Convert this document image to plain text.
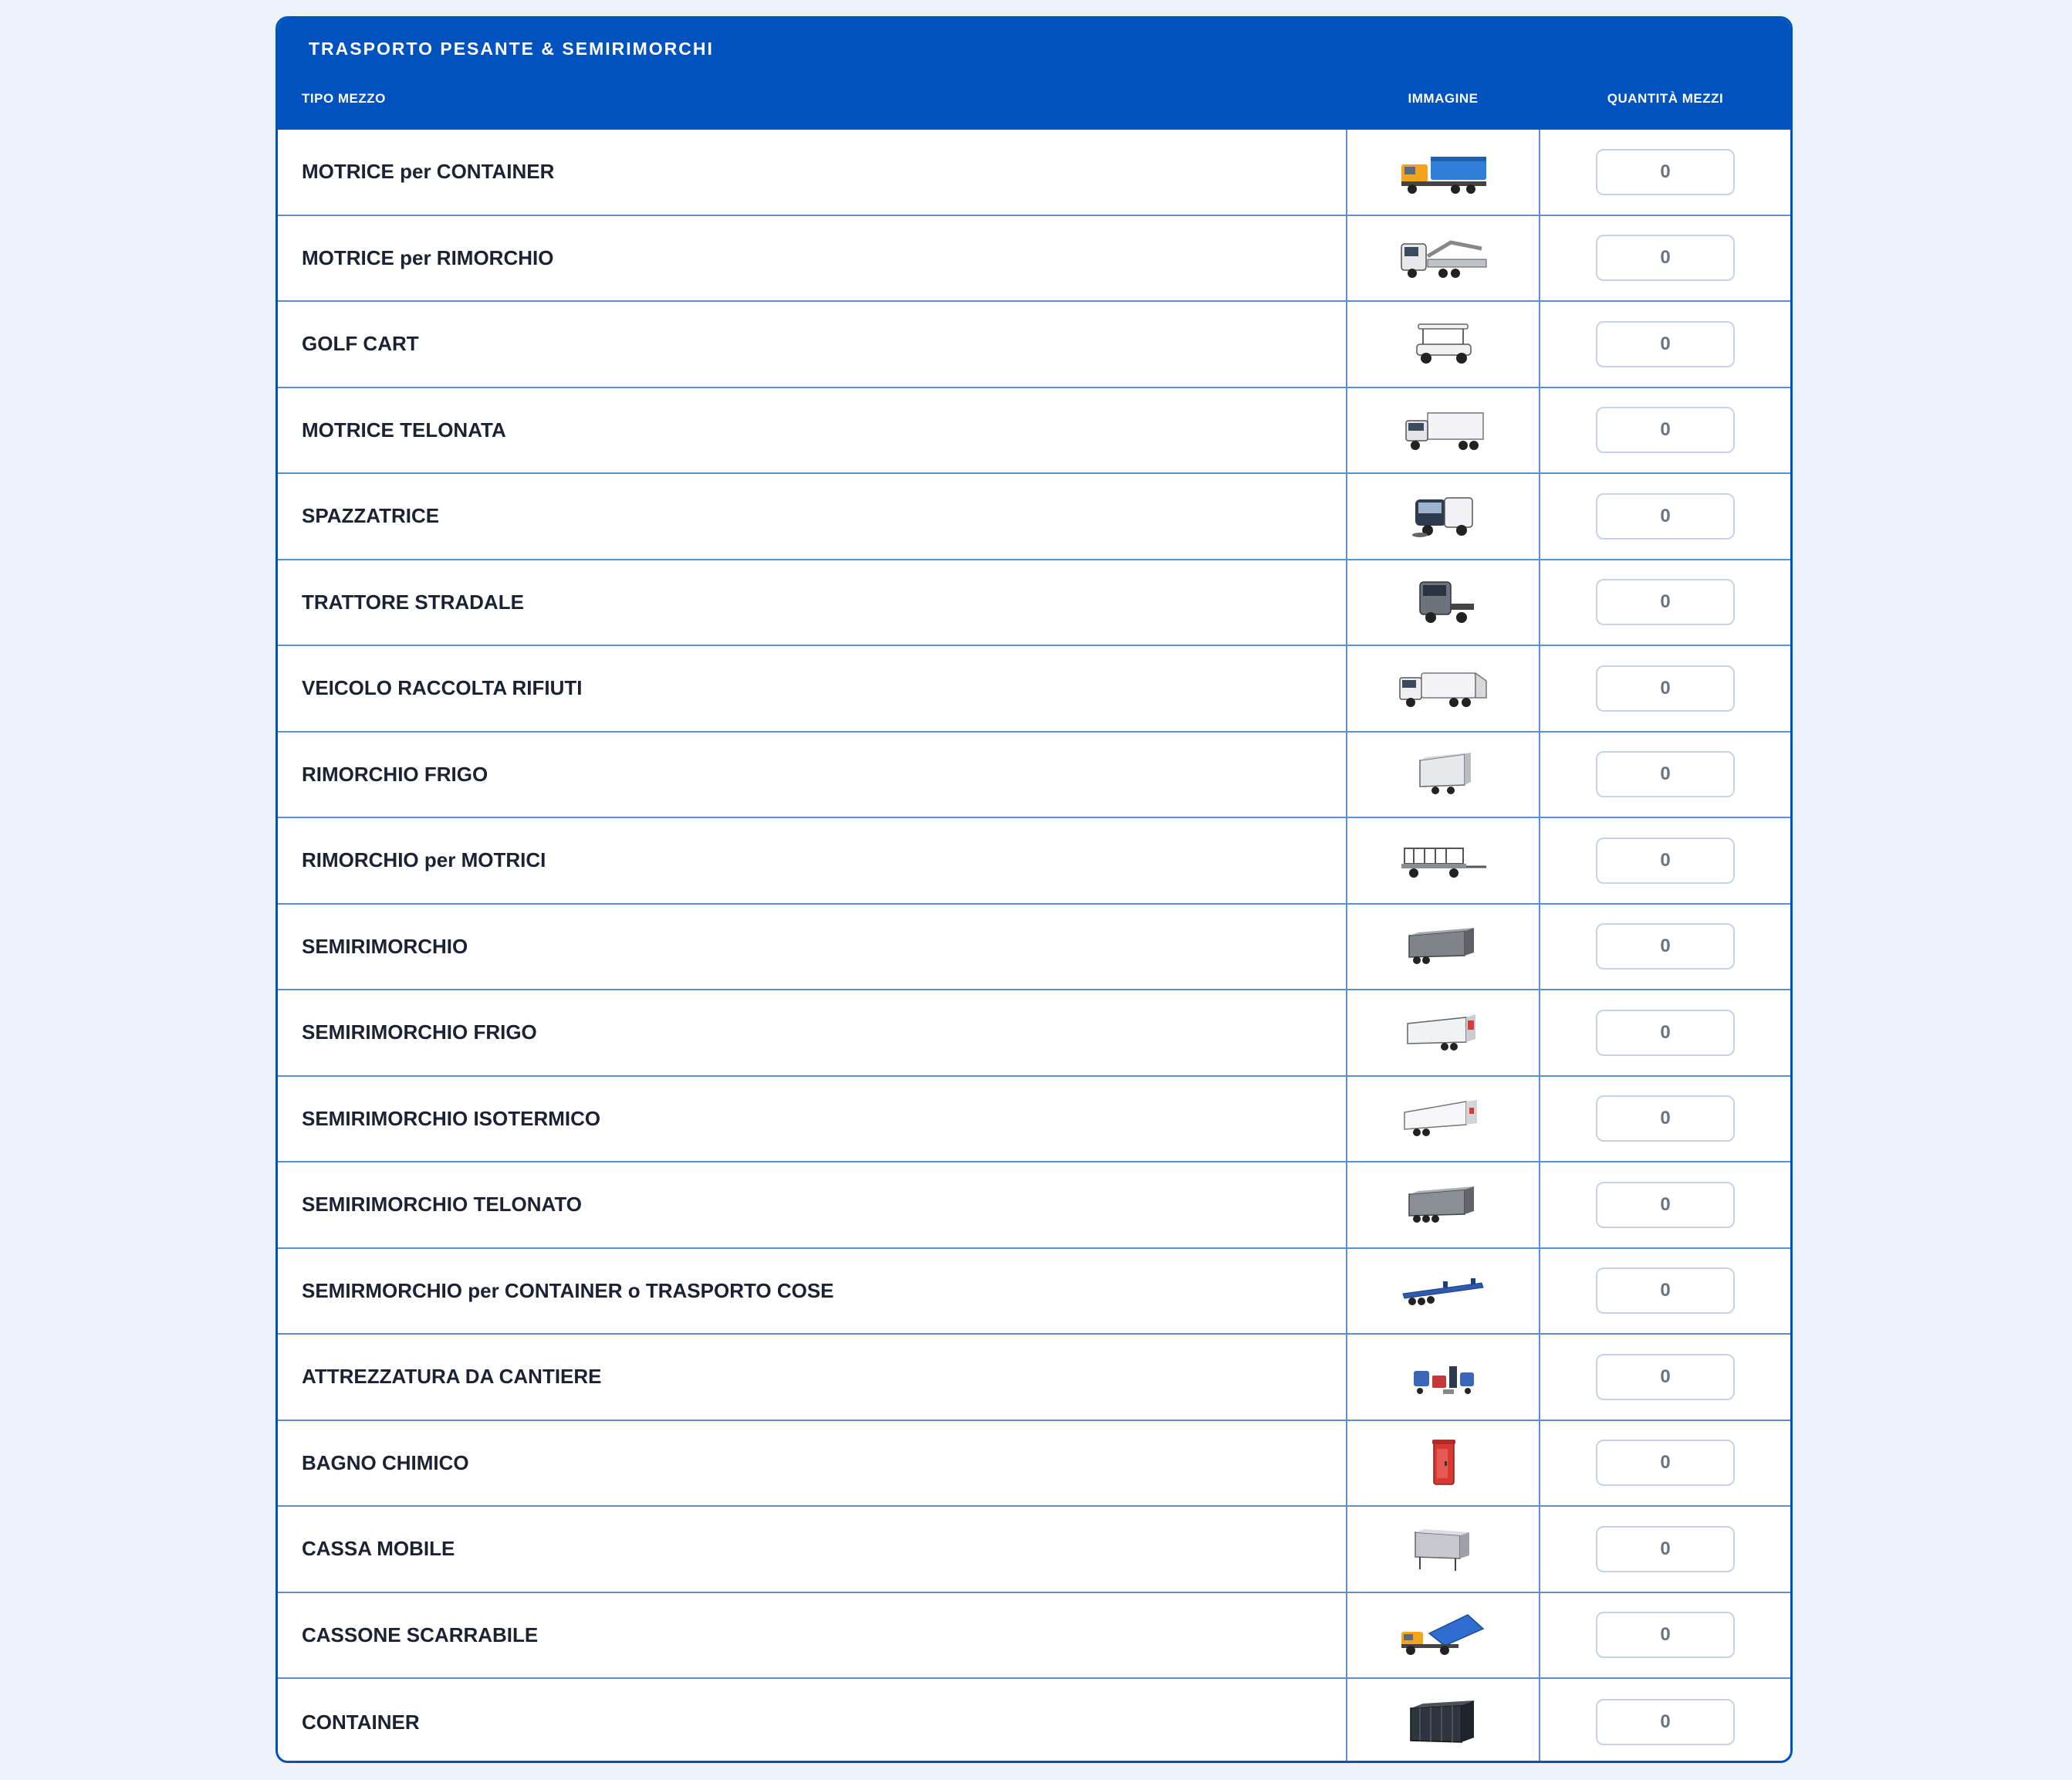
TRASPORTO PESANTE & SEMIRIMORCHI
TIPO MEZZO	IMMAGINE	QUANTITÀ MEZZI
MOTRICE per CONTAINER	0
MOTRICE per RIMORCHIO	0
GOLF CART	0
MOTRICE TELONATA	0
SPAZZATRICE	0
TRATTORE STRADALE	0
VEICOLO RACCOLTA RIFIUTI	0
RIMORCHIO FRIGO	0
RIMORCHIO per MOTRICI	0
SEMIRIMORCHIO	0
SEMIRIMORCHIO FRIGO	0
SEMIRIMORCHIO ISOTERMICO	0
SEMIRIMORCHIO TELONATO	0
SEMIRMORCHIO per CONTAINER o TRASPORTO COSE	0
ATTREZZATURA DA CANTIERE	0
BAGNO CHIMICO	0
CASSA MOBILE	0
CASSONE SCARRABILE	0
CONTAINER	0
